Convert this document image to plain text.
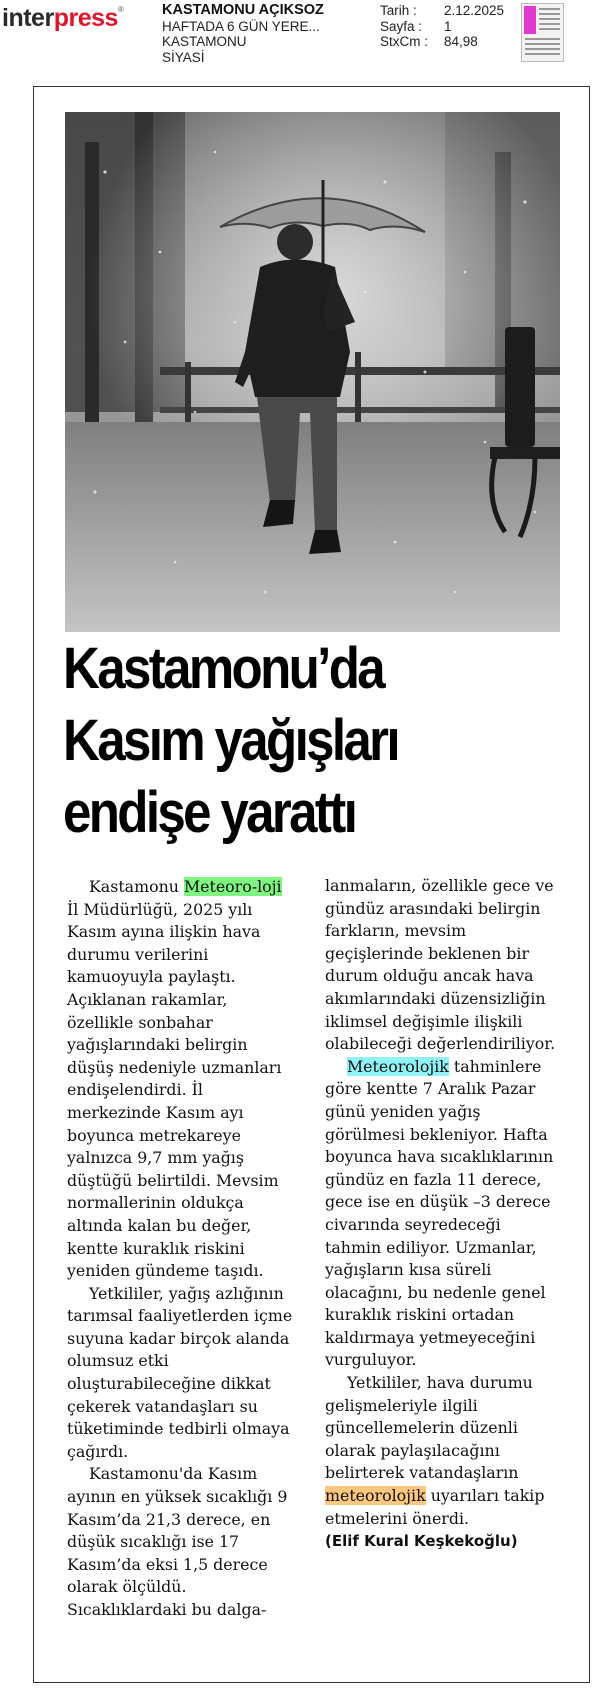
interpress®	KASTAMONU AÇIKSÖZ
HAFTADA 6 GÜN YERE...
KASTAMONU
SİYASİ
Tarih :	2.12.2025
Sayfa :	1
StxCm :	84,98
Kastamonu’da Kasım yağışları endişe yarattı

Kastamonu Meteoro-loji İl Müdürlüğü, 2025 yılı Kasım ayına ilişkin hava durumu verilerini kamuoyuyla paylaştı. Açıklanan rakamlar, özellikle sonbahar yağışlarındaki belirgin düşüş nedeniyle uzmanları endişelendirdi. İl merkezinde Kasım ayı boyunca metrekareye yalnızca 9,7 mm yağış düştüğü belirtildi. Mevsim normallerinin oldukça altında kalan bu değer, kentte kuraklık riskini yeniden gündeme taşıdı.

Yetkililer, yağış azlığının tarımsal faaliyetlerden içme suyuna kadar birçok alanda olumsuz etki oluşturabileceğine dikkat çekerek vatandaşları su tüketiminde tedbirli olmaya çağırdı.

Kastamonu'da Kasım ayının en yüksek sıcaklığı 9 Kasım’da 21,3 derece, en düşük sıcaklığı ise 17 Kasım’da eksi 1,5 derece olarak ölçüldü. Sıcaklıklardaki bu dalga-

lanmaların, özellikle gece ve gündüz arasındaki belirgin farkların, mevsim geçişlerinde beklenen bir durum olduğu ancak hava akımlarındaki düzensizliğin iklimsel değişimle ilişkili olabileceği değerlendiriliyor.

Meteorolojik tahminlere göre kentte 7 Aralık Pazar günü yeniden yağış görülmesi bekleniyor. Hafta boyunca hava sıcaklıklarının gündüz en fazla 11 derece, gece ise en düşük –3 derece civarında seyredeceği tahmin ediliyor. Uzmanlar, yağışların kısa süreli olacağını, bu nedenle genel kuraklık riskini ortadan kaldırmaya yetmeyeceğini vurguluyor.

Yetkililer, hava durumu gelişmeleriyle ilgili güncellemelerin düzenli olarak paylaşılacağını belirterek vatandaşların meteorolojik uyarıları takip etmelerini önerdi.

(Elif Kural Keşkekoğlu)
